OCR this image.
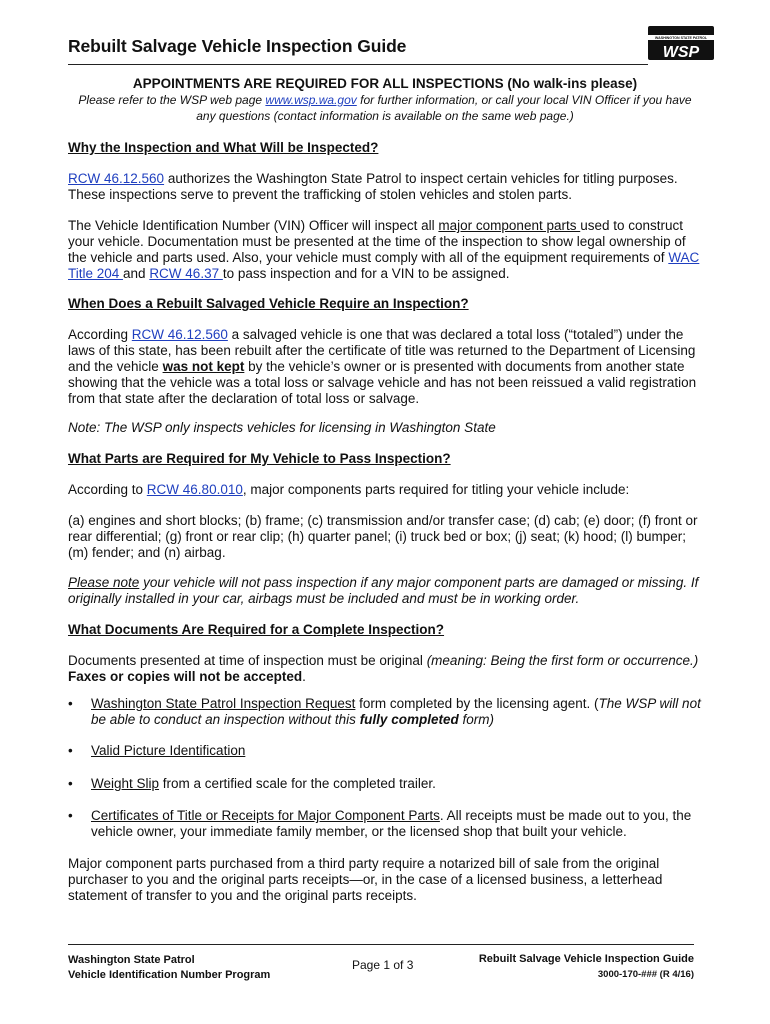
Rebuilt Salvage Vehicle Inspection Guide	WASHINGTON STATE PATROL
WSP
APPOINTMENTS ARE REQUIRED FOR ALL INSPECTIONS (No walk-ins please)
Please refer to the WSP web page www.wsp.wa.gov for further information, or call your local VIN Officer if you have
any questions (contact information is available on the same web page.)
Why the Inspection and What Will be Inspected?
RCW 46.12.560 authorizes the Washington State Patrol to inspect certain vehicles for titling purposes. These inspections serve to prevent the trafficking of stolen vehicles and stolen parts.
The Vehicle Identification Number (VIN) Officer will inspect all major component parts used to construct your vehicle. Documentation must be presented at the time of the inspection to show legal ownership of the vehicle and parts used. Also, your vehicle must comply with all of the equipment requirements of WAC Title 204 and RCW 46.37 to pass inspection and for a VIN to be assigned.
When Does a Rebuilt Salvaged Vehicle Require an Inspection?
According RCW 46.12.560 a salvaged vehicle is one that was declared a total loss (“totaled”) under the laws of this state, has been rebuilt after the certificate of title was returned to the Department of Licensing and the vehicle was not kept by the vehicle’s owner or is presented with documents from another state showing that the vehicle was a total loss or salvage vehicle and has not been reissued a valid registration from that state after the declaration of total loss or salvage.
Note: The WSP only inspects vehicles for licensing in Washington State
What Parts are Required for My Vehicle to Pass Inspection?
According to RCW 46.80.010, major components parts required for titling your vehicle include:
(a) engines and short blocks; (b) frame; (c) transmission and/or transfer case; (d) cab; (e) door; (f) front or rear differential; (g) front or rear clip; (h) quarter panel; (i) truck bed or box; (j) seat; (k) hood; (l) bumper; (m) fender; and (n) airbag.
Please note your vehicle will not pass inspection if any major component parts are damaged or missing. If originally installed in your car, airbags must be included and must be in working order.
What Documents Are Required for a Complete Inspection?
Documents presented at time of inspection must be original (meaning: Being the first form or occurrence.) Faxes or copies will not be accepted.
•	Washington State Patrol Inspection Request form completed by the licensing agent. (The WSP will not be able to conduct an inspection without this fully completed form)
•	Valid Picture Identification
•	Weight Slip from a certified scale for the completed trailer.
•	Certificates of Title or Receipts for Major Component Parts. All receipts must be made out to you, the vehicle owner, your immediate family member, or the licensed shop that built your vehicle.
Major component parts purchased from a third party require a notarized bill of sale from the original purchaser to you and the original parts receipts—or, in the case of a licensed business, a letterhead statement of transfer to you and the original parts receipts.
Washington State Patrol
Vehicle Identification Number Program
Page 1 of 3	Rebuilt Salvage Vehicle Inspection Guide
3000-170-### (R 4/16)
